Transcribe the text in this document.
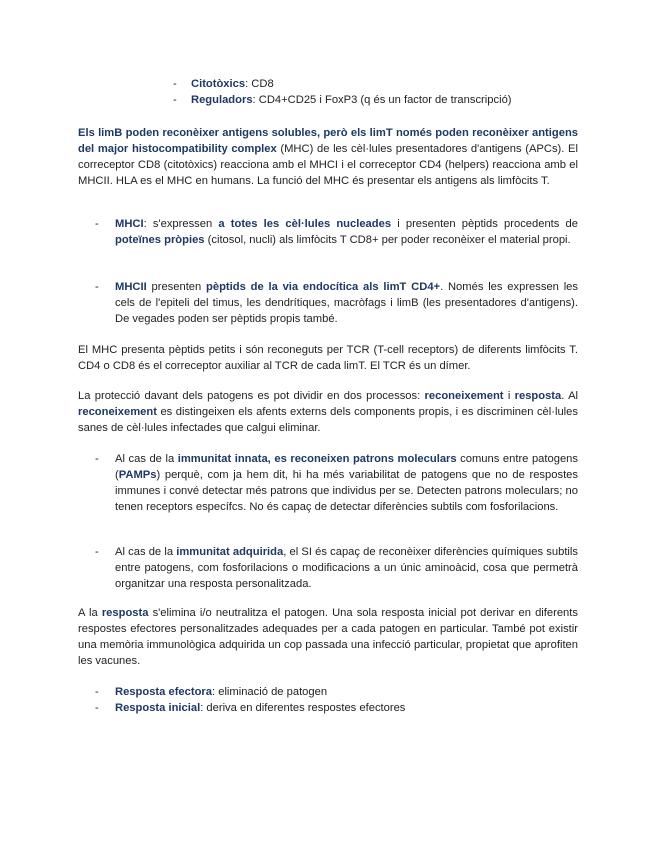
- Citotòxics: CD8
- Reguladors: CD4+CD25 i FoxP3 (q és un factor de transcripció)

Els limB poden reconèixer antigens solubles, però els limT només poden reconèixer antigens del major histocompatibility complex (MHC) de les cèl·lules presentadores d'antigens (APCs). El correceptor CD8 (citotòxics) reacciona amb el MHCI i el correceptor CD4 (helpers) reacciona amb el MHCII. HLA es el MHC en humans. La funció del MHC és presentar els antigens als limfòcits T.

-	MHCI: s'expressen a totes les cèl·lules nucleades i presenten pèptids procedents de poteïnes pròpies (citosol, nucli) als limfòcits T CD8+ per poder reconèixer el material propi.
-	MHCII presenten pèptids de la via endocítica als limT CD4+. Només les expressen les cels de l'epiteli del timus, les dendrítiques, macròfags i limB (les presentadores d'antigens). De vegades poden ser pèptids propis també.

El MHC presenta pèptids petits i són reconeguts per TCR (T-cell receptors) de diferents limfòcits T. CD4 o CD8 és el correceptor auxiliar al TCR de cada limT. El TCR és un dímer.

La protecció davant dels patogens es pot dividir en dos processos: reconeixement i resposta. Al reconeixement es distingeixen els afents externs dels components propis, i es discriminen cèl·lules sanes de cèl·lules infectades que calgui eliminar.

-	Al cas de la immunitat innata, es reconeixen patrons moleculars comuns entre patogens (PAMPs) perquè, com ja hem dit, hi ha més variabilitat de patogens que no de respostes immunes i convé detectar més patrons que individus per se. Detecten patrons moleculars; no tenen receptors específcs. No és capaç de detectar diferències subtils com fosforilacions.
-	Al cas de la immunitat adquirida, el SI és capaç de reconèixer diferències químiques subtils entre patogens, com fosforilacions o modificacions a un únic aminoàcid, cosa que permetrà organitzar una resposta personalitzada.

A la resposta s'elimina i/o neutralitza el patogen. Una sola resposta inicial pot derivar en diferents respostes efectores personalitzades adequades per a cada patogen en particular. També pot existir una memòria immunològica adquirida un cop passada una infecció particular, propietat que aprofiten les vacunes.

-	Resposta efectora: eliminació de patogen
-	Resposta inicial: deriva en diferentes respostes efectores
